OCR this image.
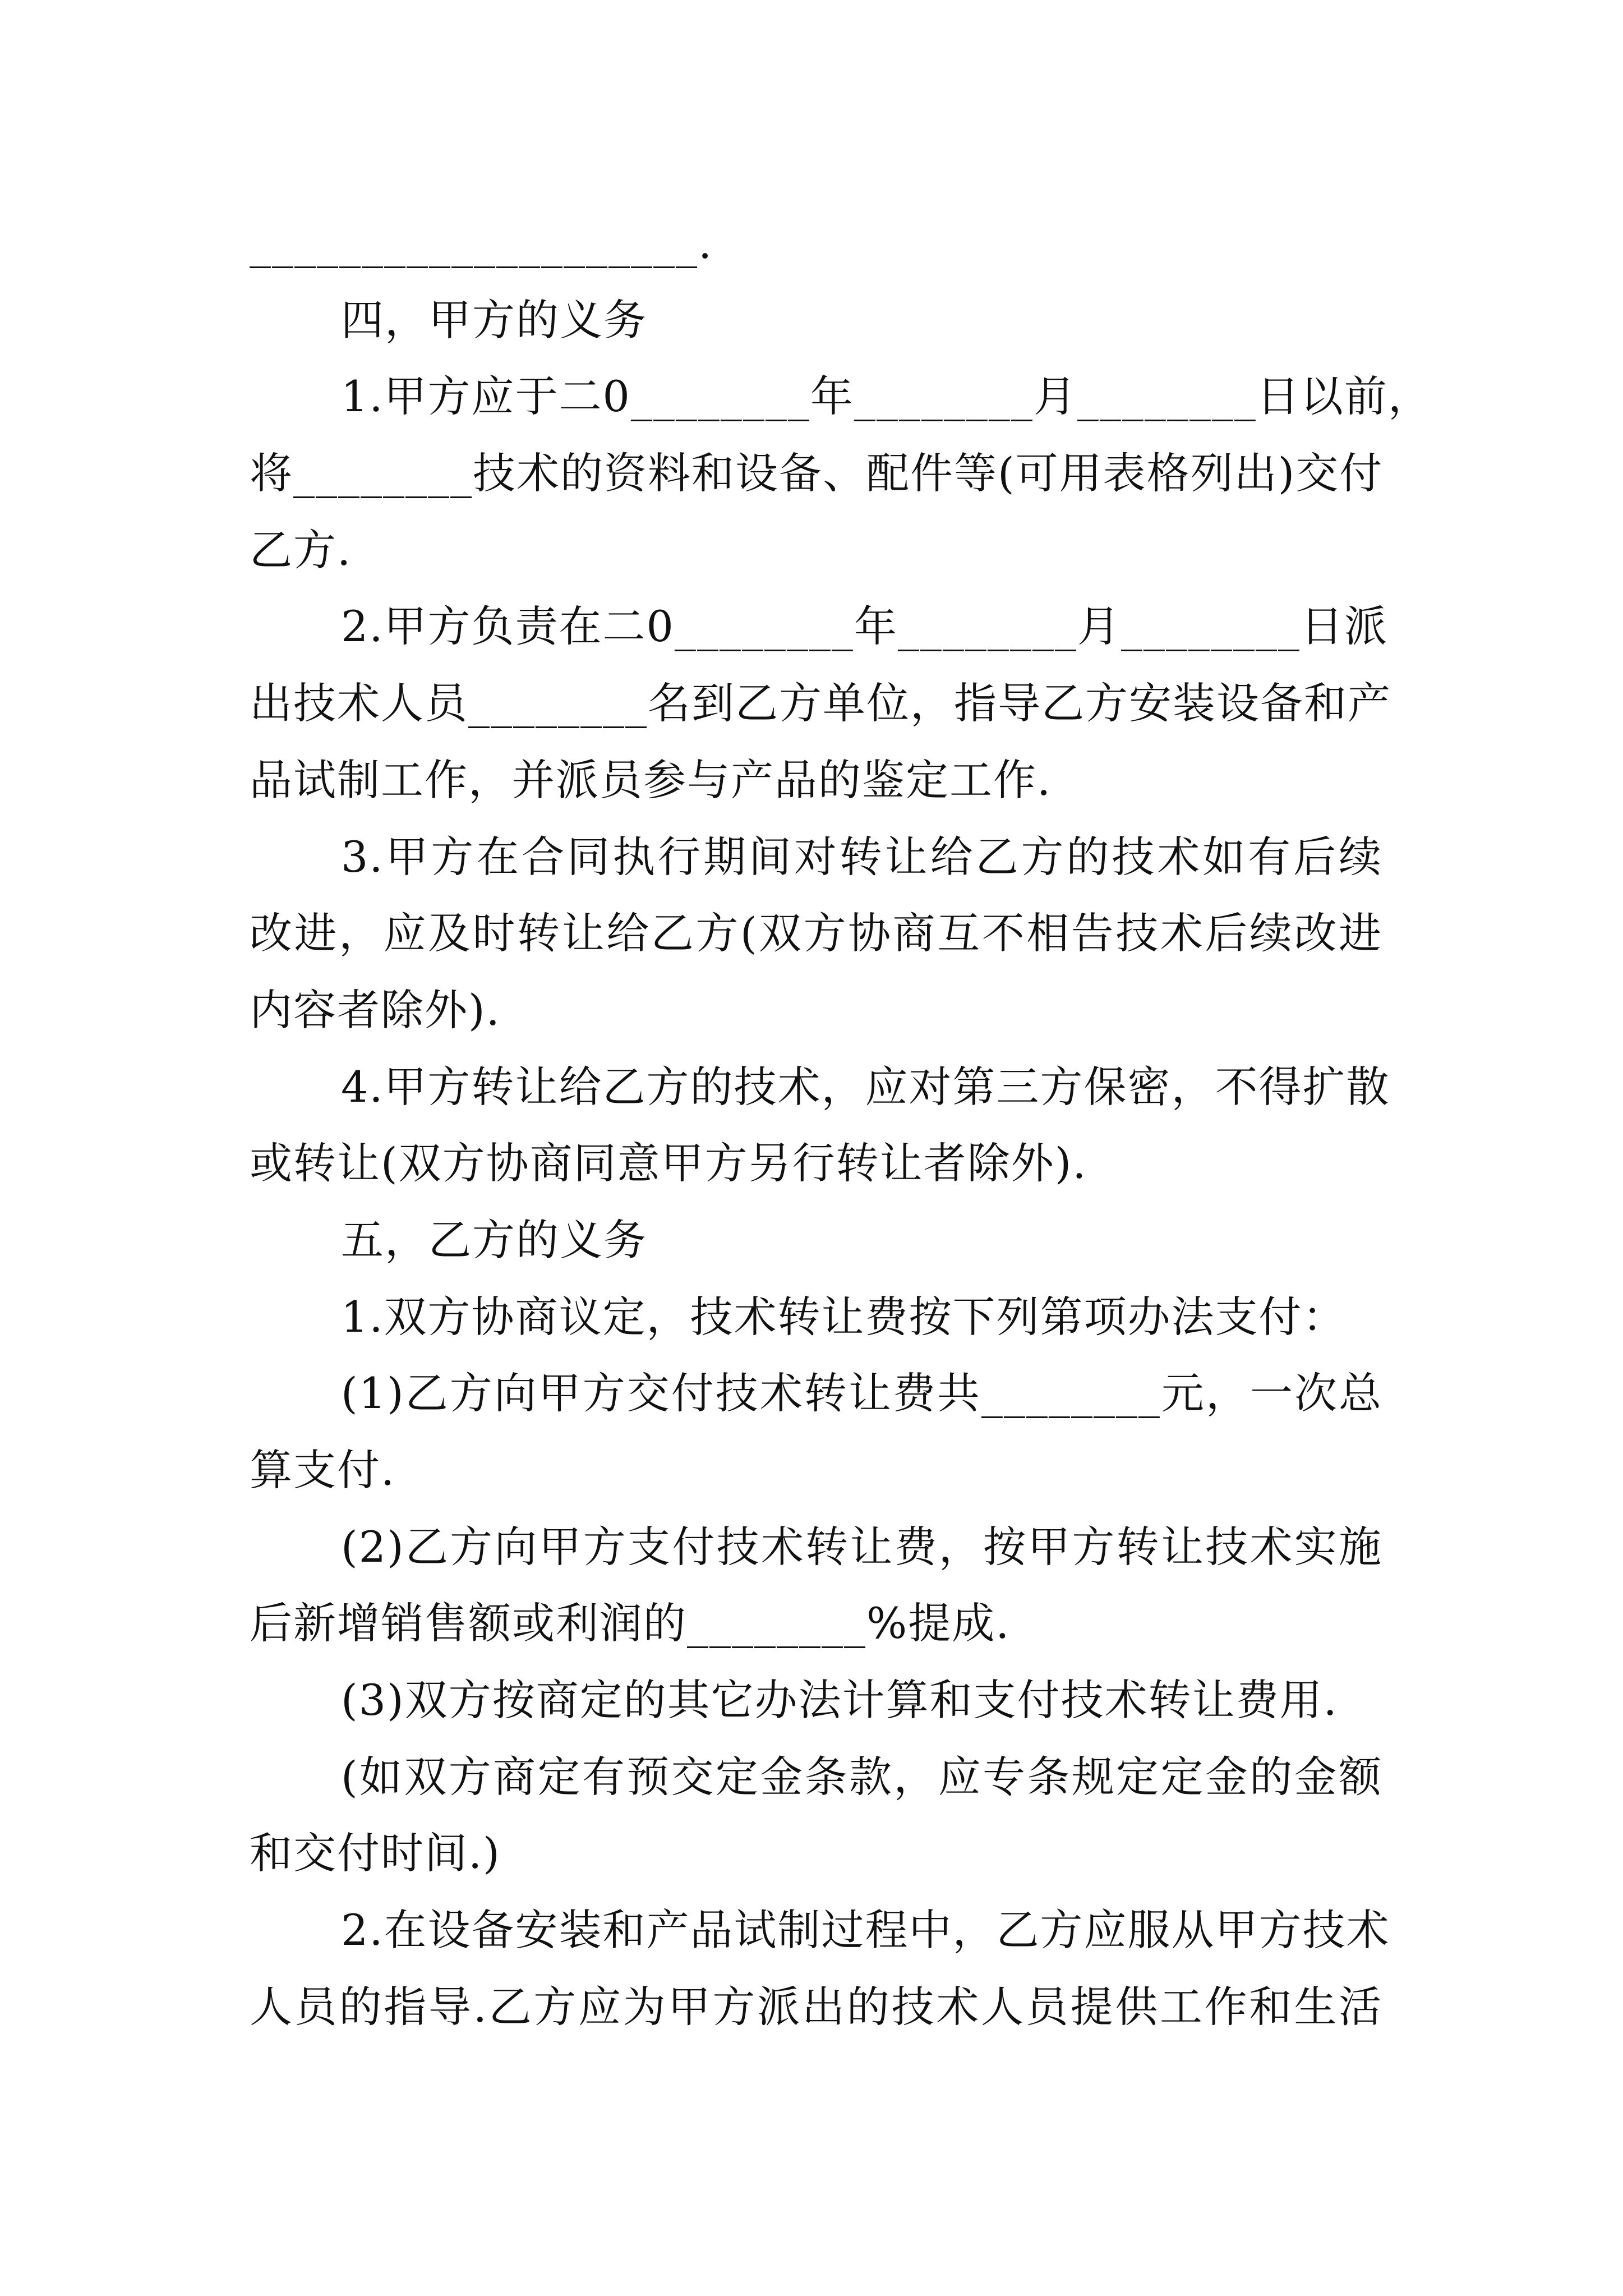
____________________.
四，甲方的义务
1.甲方应于二0________年________月________日以前，
将________技术的资料和设备、配件等(可用表格列出)交付
乙方.
2.甲方负责在二0________年________月________日派
出技术人员________名到乙方单位，指导乙方安装设备和产
品试制工作，并派员参与产品的鉴定工作.
3.甲方在合同执行期间对转让给乙方的技术如有后续
改进，应及时转让给乙方(双方协商互不相告技术后续改进
内容者除外).
4.甲方转让给乙方的技术，应对第三方保密，不得扩散
或转让(双方协商同意甲方另行转让者除外).
五，乙方的义务
1.双方协商议定，技术转让费按下列第项办法支付：
(1)乙方向甲方交付技术转让费共________元，一次总
算支付.
(2)乙方向甲方支付技术转让费，按甲方转让技术实施
后新增销售额或利润的________%提成.
(3)双方按商定的其它办法计算和支付技术转让费用.
(如双方商定有预交定金条款，应专条规定定金的金额
和交付时间.)
2.在设备安装和产品试制过程中，乙方应服从甲方技术
人员的指导.乙方应为甲方派出的技术人员提供工作和生活
